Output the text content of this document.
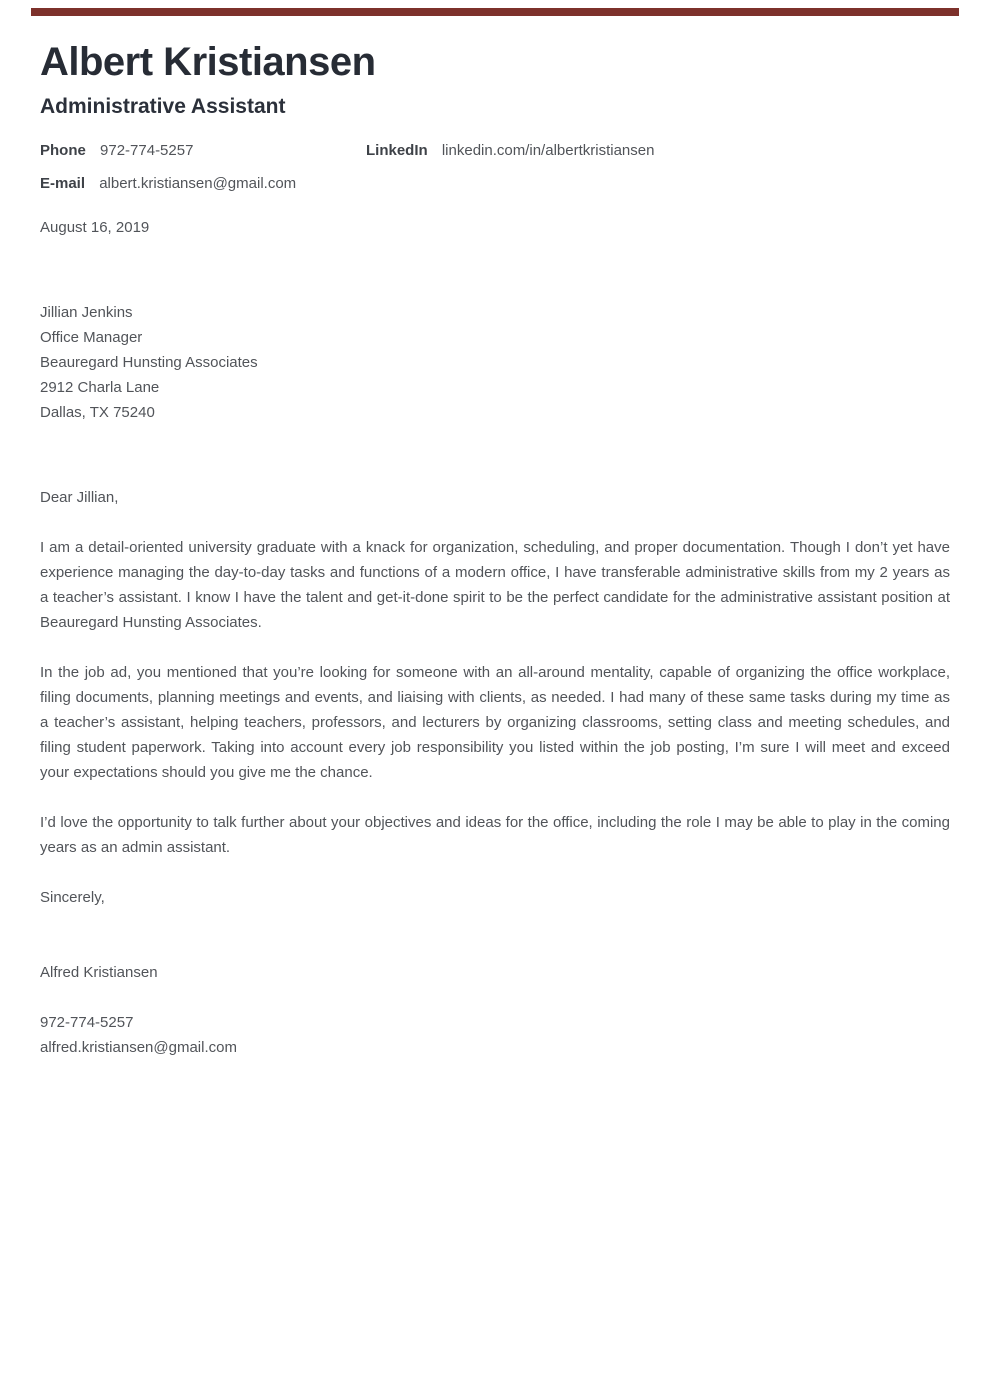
Albert Kristiansen
Administrative Assistant
Phone 972-774-5257	LinkedIn linkedin.com/in/albertkristiansen
E-mail albert.kristiansen@gmail.com
August 16, 2019
Jillian Jenkins
Office Manager
Beauregard Hunsting Associates
2912 Charla Lane
Dallas, TX 75240

Dear Jillian,

I am a detail-oriented university graduate with a knack for organization, scheduling, and proper documentation. Though I don’t yet have experience managing the day-to-day tasks and functions of a modern office, I have transferable administrative skills from my 2 years as a teacher’s assistant. I know I have the talent and get-it-done spirit to be the perfect candidate for the administrative assistant position at Beauregard Hunsting Associates.

In the job ad, you mentioned that you’re looking for someone with an all-around mentality, capable of organizing the office workplace, filing documents, planning meetings and events, and liaising with clients, as needed. I had many of these same tasks during my time as a teacher’s assistant, helping teachers, professors, and lecturers by organizing classrooms, setting class and meeting schedules, and filing student paperwork. Taking into account every job responsibility you listed within the job posting, I’m sure I will meet and exceed your expectations should you give me the chance.

I’d love the opportunity to talk further about your objectives and ideas for the office, including the role I may be able to play in the coming years as an admin assistant.

Sincerely,

Alfred Kristiansen
972-774-5257
alfred.kristiansen@gmail.com
